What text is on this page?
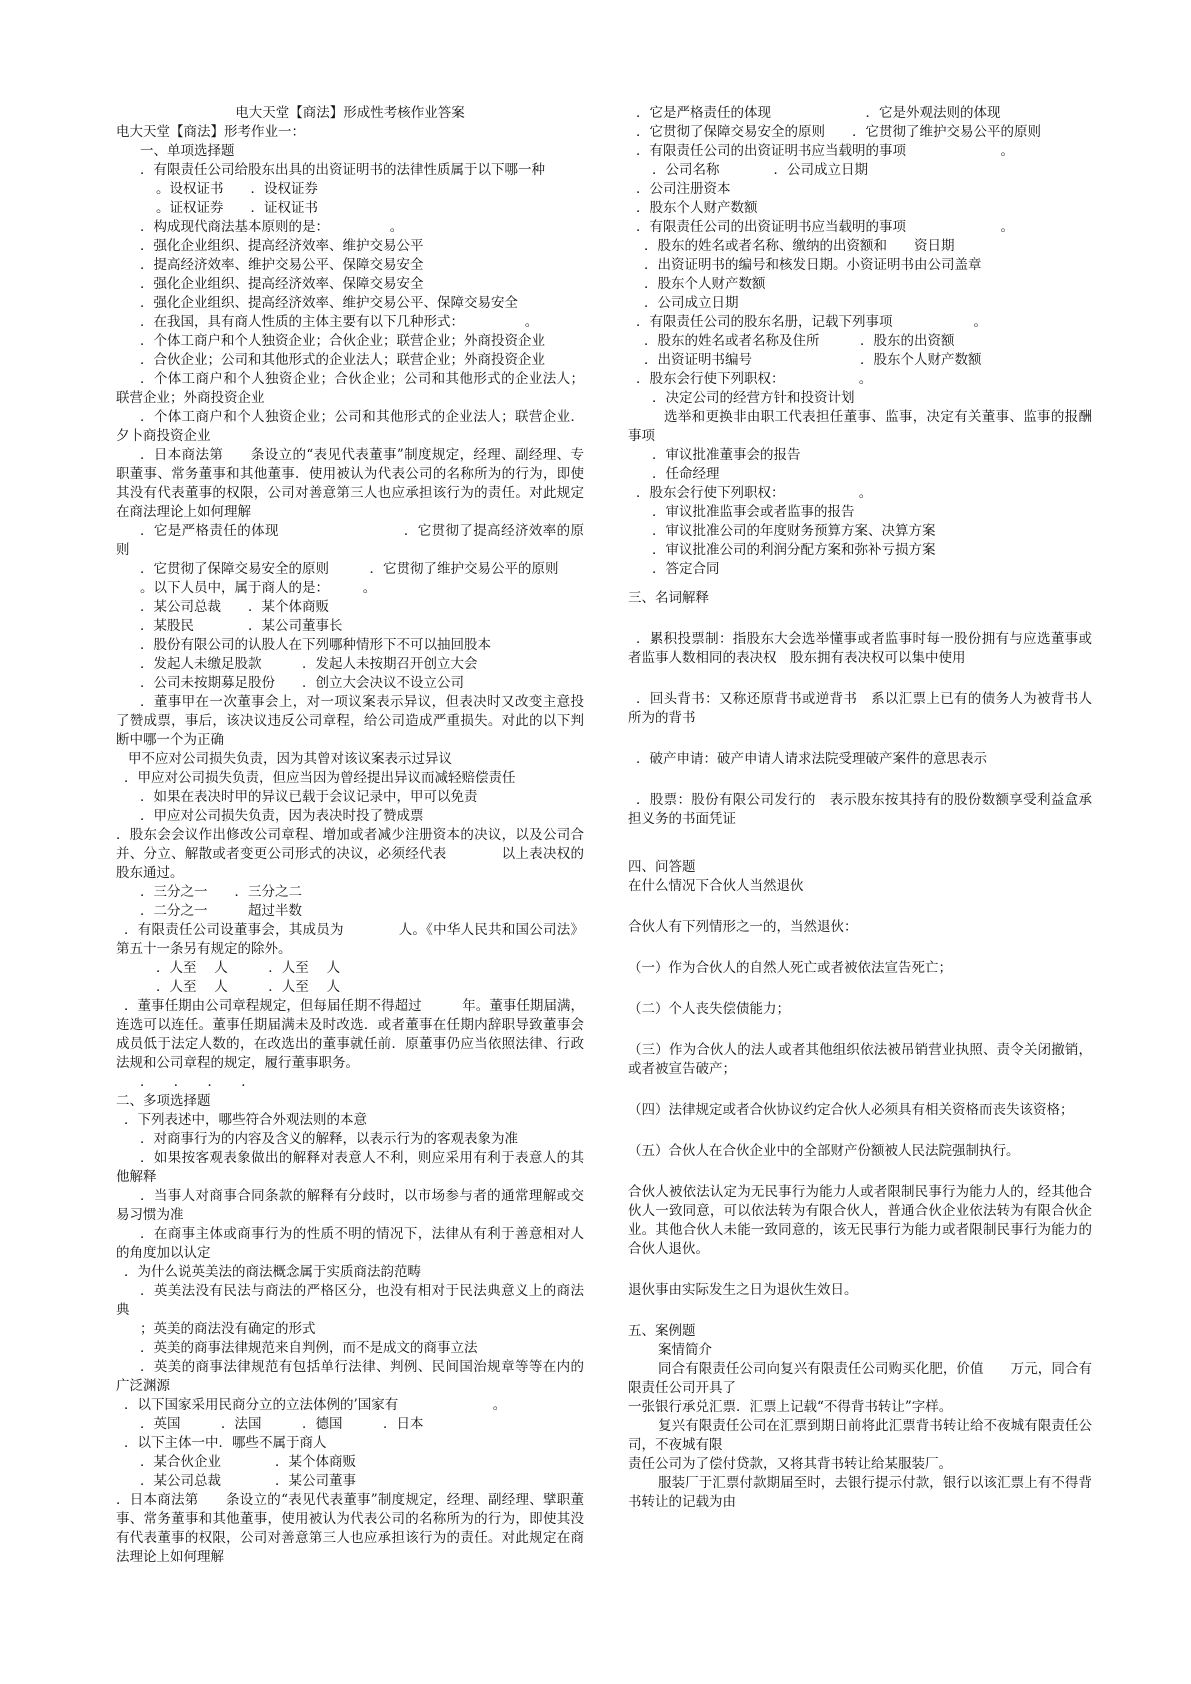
电大天堂【商法】形成性考核作业答案

电大天堂【商法】形考作业一：

一、单项选择题

．有限责任公司给股东出具的出资证明书的法律性质属于以下哪一种

。设权证书　　．设权证券
。证权证券　　．证权证书

．构成现代商法基本原则的是：　　　　　。

．强化企业组织、提高经济效率、维护交易公平
．提高经济效率、维护交易公平、保障交易安全
．强化企业组织、提高经济效率、保障交易安全
．强化企业组织、提高经济效率、维护交易公平、保障交易安全

．在我国，具有商人性质的主体主要有以下几种形式：　　　　　。

．个体工商户和个人独资企业；合伙企业；联营企业；外商投资企业

．合伙企业；公司和其他形式的企业法人；联营企业；外商投资企业

．个体工商户和个人独资企业；合伙企业；公司和其他形式的企业法人；联营企业；外商投资企业

．个体工商户和个人独资企业；公司和其他形式的企业法人；联营企业．夕卜商投资企业

．日本商法第　　条设立的“表见代表董事”制度规定，经理、副经理、专职董事、常务董事和其他董事．使用被认为代表公司的名称所为的行为，即使其没有代表董事的权限，公司对善意第三人也应承担该行为的责任。对此规定在商法理论上如何理解

．它是严格责任的体现　　　　　　　　　．它贯彻了提高经济效率的原则

．它贯彻了保障交易安全的原则　　　．它贯彻了维护交易公平的原则

。以下人员中，属于商人的是：　　　。

．某公司总裁　　．某个体商贩
．某股民　　　　．某公司董事长

．股份有限公司的认股人在下列哪种情形下不可以抽回股本

．发起人未缴足股款　　　．发起人未按期召开创立大会
．公司未按期募足股份　　．创立大会决议不设立公司

．董事甲在一次董事会上，对一项议案表示异议，但表决时又改变主意投了赞成票，事后，该决议违反公司章程，给公司造成严重损失。对此的以下判断中哪一个为正确

甲不应对公司损失负责，因为其曾对该议案表示过异议
．甲应对公司损失负责，但应当因为曾经提出异议而减轻赔偿责任
．如果在表决时甲的异议已载于会议记录中，甲可以免责
．甲应对公司损失负责，因为表决时投了赞成票

．股东会会议作出修改公司章程、增加或者减少注册资本的决议，以及公司合并、分立、解散或者变更公司形式的决议，必须经代表　　　　以上表决权的股东通过。

．三分之一　　．三分之二
．二分之一　　　超过半数

．有限责任公司设董事会，其成员为　　　　人。《中华人民共和国公司法》第五十一条另有规定的除外。

．人至　 人　　　．人至　 人
．人至　 人　　　．人至　 人

．董事任期由公司章程规定，但每届任期不得超过　　　年。董事任期届满，连选可以连任。董事任期届满未及时改选．或者董事在任期内辞职导致董事会成员低于法定人数的，在改选出的董事就任前．原董事仍应当依照法律、行政法规和公司章程的规定，履行董事职务。

．　　．　　．　　．

二、多项选择题

．下列表述中，哪些符合外观法则的本意

．对商事行为的内容及含义的解释，以表示行为的客观表象为准

．如果按客观表象做出的解释对表意人不利，则应采用有利于表意人的其他解释

．当事人对商事合同条款的解释有分歧时，以市场参与者的通常理解或交易习惯为准

．在商事主体或商事行为的性质不明的情况下，法律从有利于善意相对人的角度加以认定

．为什么说英美法的商法概念属于实质商法韵范畴

．英美法没有民法与商法的严格区分，也没有相对于民法典意义上的商法典

；英美的商法没有确定的形式
．英美的商事法律规范来自判例，而不是成文的商事立法

．英美的商事法律规范有包括单行法律、判例、民间国治规章等等在内的广泛渊源

．以下国家采用民商分立的立法体例的’国家有　　　　　　　。

．英国　　　．法国　　　．德国　　　．日本

．以下主体一中．哪些不属于商人

．某合伙企业　　　　．某个体商贩
．某公司总裁　　　　．某公司董事

．日本商法第　　条设立的“表见代表董事”制度规定，经理、副经理、擘职董事、常务董事和其他董事，使用被认为代表公司的名称所为的行为，即使其没有代表董事的权限，公司对善意第三人也应承担该行为的责任。对此规定在商法理论上如何理解

．它是严格责任的体现　　　　　　　．它是外观法则的体现

．它贯彻了保障交易安全的原则　　．它贯彻了维护交易公平的原则

．有限责任公司的出资证明书应当载明的事项　　　　　　　。

．公司名称　　　　．公司成立日期
．公司注册资本
．股东个人财产数额

．有限责任公司的出资证明书应当载明的事项　　　　　　　。

．股东的姓名或者名称、缴纳的出资额和　　资日期
．出资证明书的编号和核发日期。小资证明书由公司盖章
．股东个人财产数额
．公司成立日期

．有限责任公司的股东名册，记载下列事项　　　　　　。

．股东的姓名或者名称及住所　　　．股东的出资额
．出资证明书编号　　　　　　　　．股东个人财产数额

．股东会行使下列职权：　　　　　　。

．决定公司的经营方针和投资计划

选举和更换非由职工代表担任董事、监事，决定有关董事、监事的报酬事项

．审议批准董事会的报告
．任命经理

．股东会行使下列职权：　　　　　　。

．审议批准监事会或者监事的报告
．审议批准公司的年度财务预算方案、决算方案
．审议批准公司的利润分配方案和弥补亏损方案
．答定合同

三、名词解释

．累积投票制：指股东大会选举懂事或者监事时每一股份拥有与应选董事或者监事人数相同的表决权　股东拥有表决权可以集中使用

．回头背书：又称还原背书或逆背书　系以汇票上已有的债务人为被背书人　所为的背书

．破产申请：破产申请人请求法院受理破产案件的意思表示

．股票：股份有限公司发行的　表示股东按其持有的股份数额享受利益盒承担义务的书面凭证

四、问答题

在什么情况下合伙人当然退伙

合伙人有下列情形之一的，当然退伙：

（一）作为合伙人的自然人死亡或者被依法宣告死亡；

（二）个人丧失偿债能力；

（三）作为合伙人的法人或者其他组织依法被吊销营业执照、责令关闭撤销，或者被宣告破产；

（四）法律规定或者合伙协议约定合伙人必须具有相关资格而丧失该资格；

（五）合伙人在合伙企业中的全部财产份额被人民法院强制执行。

合伙人被依法认定为无民事行为能力人或者限制民事行为能力人的，经其他合伙人一致同意，可以依法转为有限合伙人，普通合伙企业依法转为有限合伙企业。其他合伙人未能一致同意的，该无民事行为能力或者限制民事行为能力的合伙人退伙。

退伙事由实际发生之日为退伙生效日。

五、案例题

案情简介

同合有限责任公司向复兴有限责任公司购买化肥，价值　　万元，同合有限责任公司开具了

一张银行承兑汇票．汇票上记载“不得背书转让”字样。

复兴有限责任公司在汇票到期日前将此汇票背书转让给不夜城有限责任公司，不夜城有限

责任公司为了偿付贷款，又将其背书转让给某服装厂。

服装厂于汇票付款期届至时，去银行提示付款，银行以该汇票上有不得背书转让的记载为由
